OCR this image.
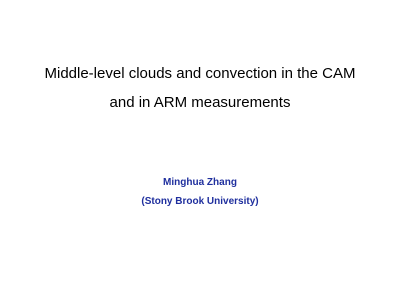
Middle-level clouds and convection in the CAM
and in ARM measurements
Minghua Zhang
(Stony Brook University)
